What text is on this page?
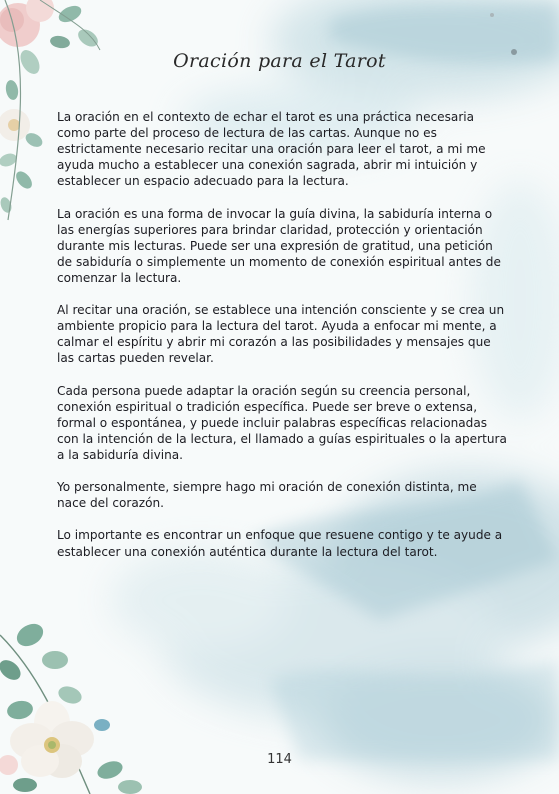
Oración para el Tarot

La oración en el contexto de echar el tarot es una práctica necesaria como parte del proceso de lectura de las cartas. Aunque no es estrictamente necesario recitar una oración para leer el tarot, a mi me ayuda mucho a establecer una conexión sagrada, abrir mi intuición y establecer un espacio adecuado para la lectura.

La oración es una forma de invocar la guía divina, la sabiduría interna o las energías superiores para brindar claridad, protección y orientación durante mis lecturas. Puede ser una expresión de gratitud, una petición de sabiduría o simplemente un momento de conexión espiritual antes de comenzar la lectura.

Al recitar una oración, se establece una intención consciente y se crea un ambiente propicio para la lectura del tarot. Ayuda a enfocar mi mente, a calmar el espíritu y abrir mi corazón a las posibilidades y mensajes que las cartas pueden revelar.

Cada persona puede adaptar la oración según su creencia personal, conexión espiritual o tradición específica. Puede ser breve o extensa, formal o espontánea, y puede incluir palabras específicas relacionadas con la intención de la lectura, el llamado a guías espirituales o la apertura a la sabiduría divina.

Yo personalmente, siempre hago mi oración de conexión distinta, me nace del corazón.

Lo importante es encontrar un enfoque que resuene contigo y te ayude a establecer una conexión auténtica durante la lectura del tarot.

114
